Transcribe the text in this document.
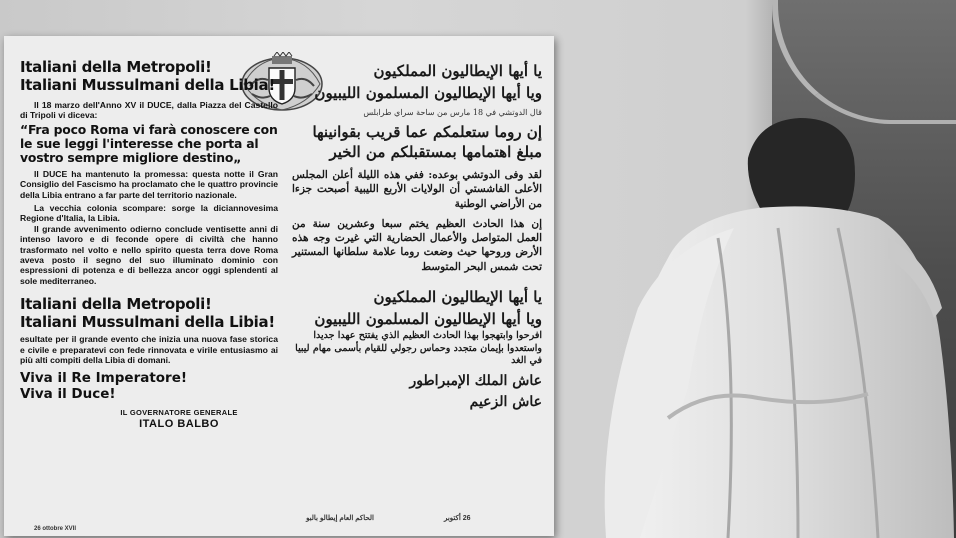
Italiani della Metropoli!

Italiani Mussulmani della Libia!

Il 18 marzo dell'Anno XV il DUCE, dalla Piazza del Castello di Tripoli vi diceva:

“Fra poco Roma vi farà conoscere con le sue leggi l'interesse che porta al vostro sempre migliore destino„

Il DUCE ha mantenuto la promessa: questa notte il Gran Consiglio del Fascismo ha proclamato che le quattro provincie della Libia entrano a far parte del territorio nazionale.

La vecchia colonia scompare: sorge la diciannovesima Regione d'Italia, la Libia.

Il grande avvenimento odierno conclude ventisette anni di intenso lavoro e di feconde opere di civiltà che hanno trasformato nel volto e nello spirito questa terra dove Roma aveva posto il segno del suo illuminato dominio con espressioni di potenza e di bellezza ancor oggi splendenti al sole mediterraneo.

Italiani della Metropoli!

Italiani Mussulmani della Libia!

esultate per il grande evento che inizia una nuova fase storica e civile e preparatevi con fede rinnovata e virile entusiasmo ai più alti compiti della Libia di domani.

Viva il Re Imperatore!

Viva il Duce!

IL GOVERNATORE GENERALE

ITALO BALBO

26 ottobre XVII

يا أيها الإيطاليون المملكيون

ويا أيها الإيطاليون المسلمون الليبيون

قال الدوتشي في 18 مارس من ساحة سراي طرابلس

إن روما ستعلمكم عما قريب بقوانينها مبلغ اهتمامها بمستقبلكم من الخير

لقد وفى الدوتشي بوعده: ففي هذه الليلة أعلن المجلس الأعلى الفاشستي أن الولايات الأربع الليبية أصبحت جزءا من الأراضي الوطنية

إن هذا الحادث العظيم يختم سبعا وعشرين سنة من العمل المتواصل والأعمال الحضارية التي غيرت وجه هذه الأرض وروحها حيث وضعت روما علامة سلطانها المستنير تحت شمس البحر المتوسط

يا أيها الإيطاليون المملكيون

ويا أيها الإيطاليون المسلمون الليبيون

افرحوا وابتهجوا بهذا الحادث العظيم الذي يفتتح عهدا جديدا واستعدوا بإيمان متجدد وحماس رجولي للقيام بأسمى مهام ليبيا في الغد

عاش الملك الإمبراطور

عاش الزعيم

الحاكم العام إيطالو بالبو	26 أكتوبر
